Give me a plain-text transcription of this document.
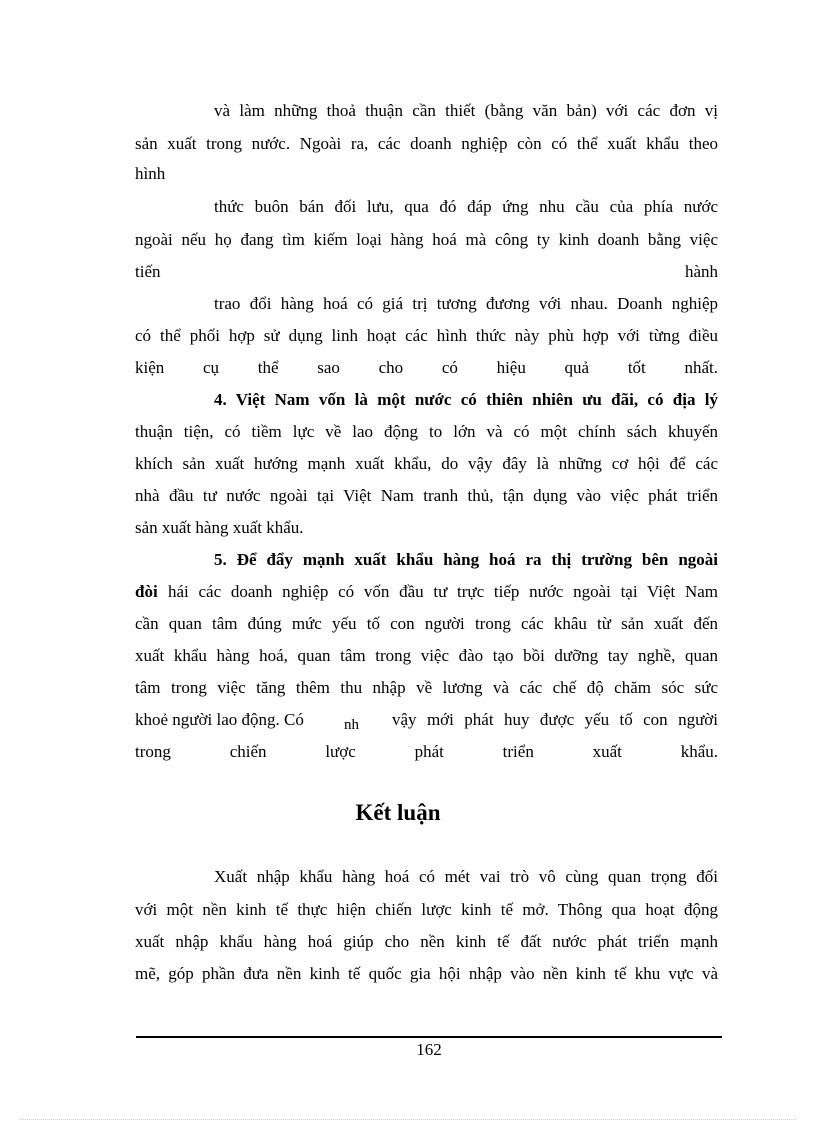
và làm những thoả thuận cần thiết (bằng văn bản) với các đơn vị
sản xuất trong nước. Ngoài ra, các doanh nghiệp còn có thể xuất khẩu theo
hình
thức buôn bán đối lưu, qua đó đáp ứng nhu cầu của phía nước
ngoài nếu họ đang tìm kiếm loại hàng hoá mà công ty kinh doanh bằng việc
tiến	hành
trao đổi hàng hoá có giá trị tương đương với nhau. Doanh nghiệp
có thể phối hợp sử dụng linh hoạt các hình thức này phù hợp với từng điều
kiện cụ thể sao cho có hiệu quả tốt nhất.
4. Việt Nam vốn là một nước có thiên nhiên ưu đãi, có địa lý
thuận tiện, có tiềm lực về lao động to lớn và có một chính sách khuyến
khích sản xuất hướng mạnh xuất khẩu, do vậy đây là những cơ hội để các
nhà đầu tư nước ngoài tại Việt Nam tranh thủ, tận dụng vào việc phát triển
sản xuất hàng xuất khẩu.
5. Để đẩy mạnh xuất khẩu hàng hoá ra thị trường bên ngoài
đòi hái các doanh nghiệp có vốn đầu tư trực tiếp nước ngoài tại Việt Nam
cần quan tâm đúng mức yếu tố con người trong các khâu từ sản xuất đến
xuất khẩu hàng hoá, quan tâm trong việc đào tạo bồi dưỡng tay nghề, quan
tâm trong việc tăng thêm thu nhập về lương và các chế độ chăm sóc sức
khoẻ người lao động. Có	nh	vậy mới phát huy được yếu tố con người
trong chiến lược phát triển xuất khẩu.
Kết luận
Xuất nhập khẩu hàng hoá có mét vai trò vô cùng quan trọng đối
với một nền kinh tế thực hiện chiến lược kinh tế mở. Thông qua hoạt động
xuất nhập khẩu hàng hoá giúp cho nền kinh tế đất nước phát triển mạnh
mẽ, góp phần đưa nền kinh tế quốc gia hội nhập vào nền kinh tế khu vực và
162
